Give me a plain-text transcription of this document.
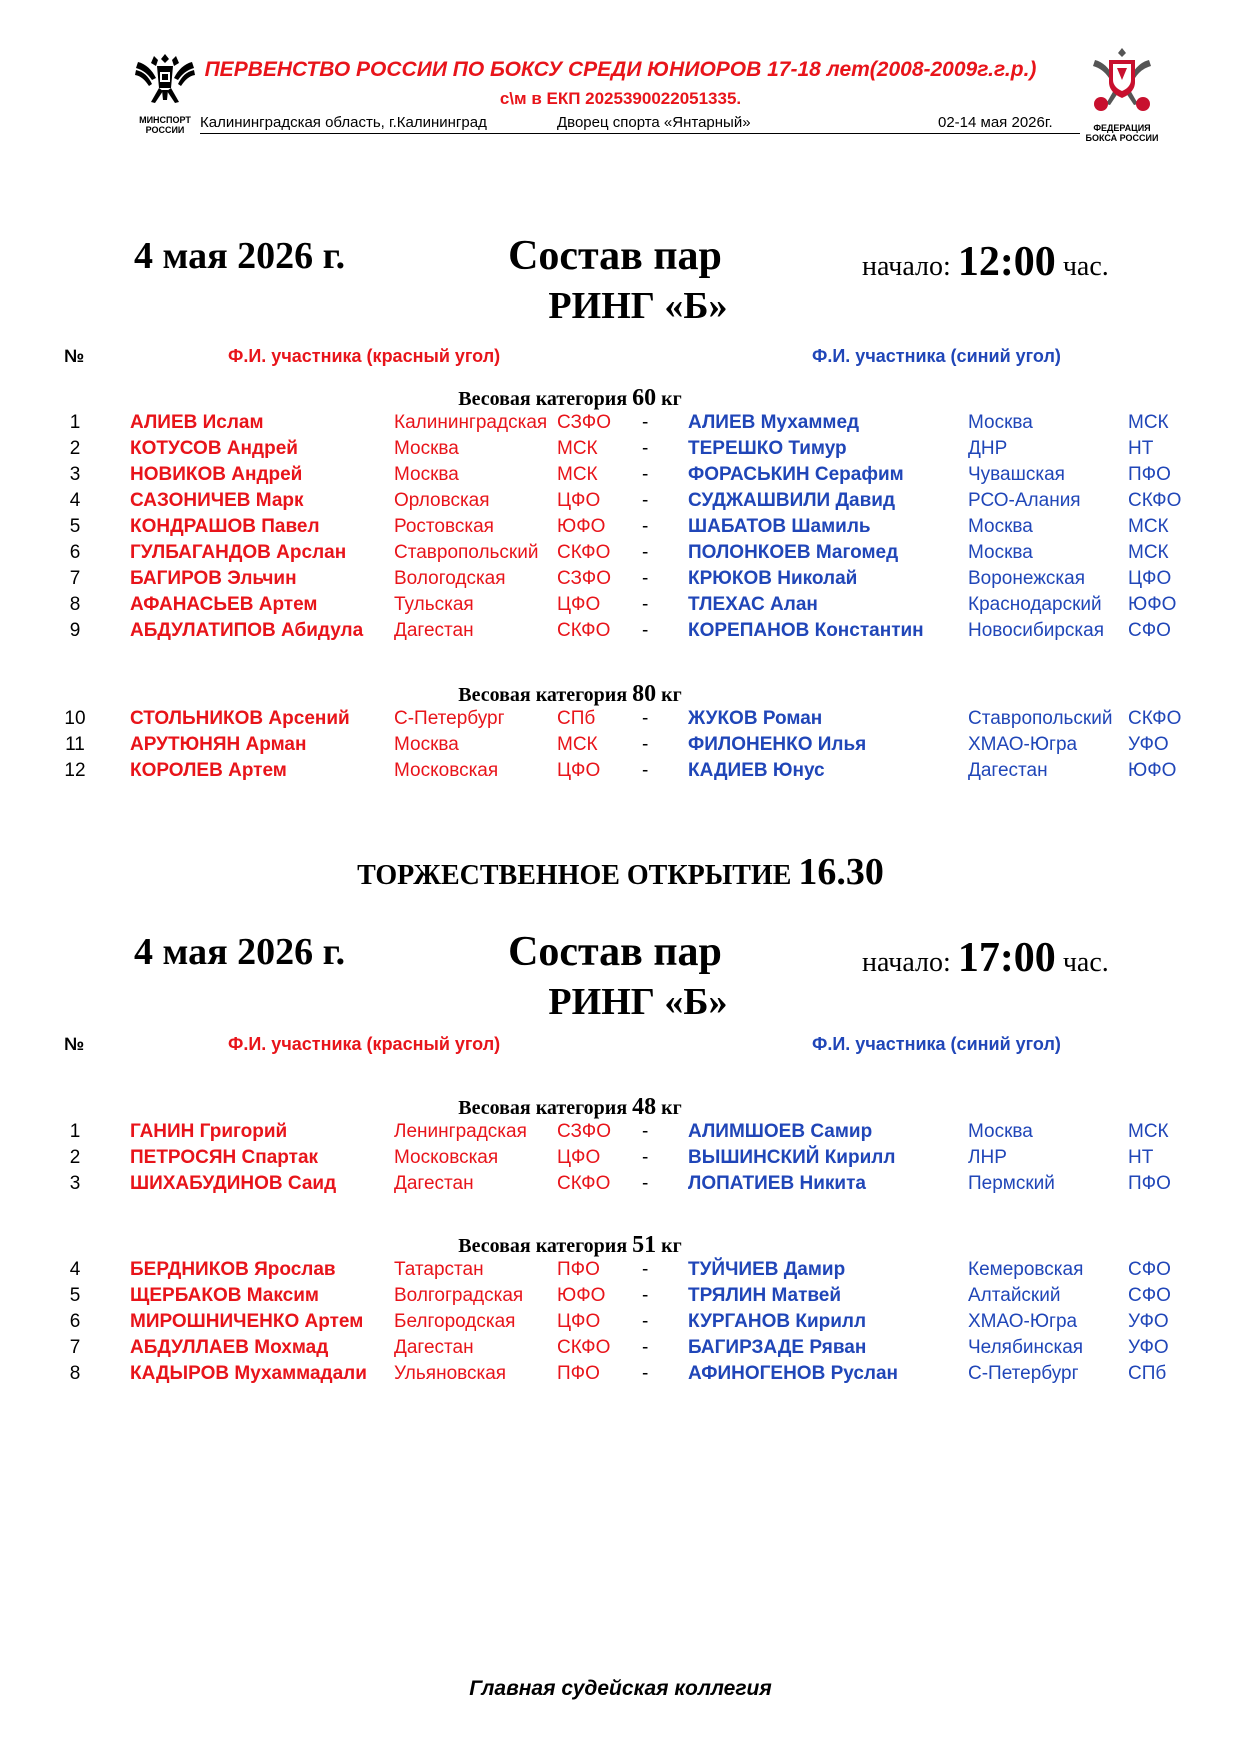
МИНСПОРТ
РОССИИ
ПЕРВЕНСТВО РОССИИ ПО БОКСУ СРЕДИ ЮНИОРОВ 17-18 лет(2008-2009г.г.р.)
с\м в ЕКП 2025390022051335.
Калининградская область, г.Калининград	Дворец спорта «Янтарный»	02-14 мая 2026г.	ФЕДЕРАЦИЯ
БОКСА РОССИИ
4 мая 2026 г.	Состав пар	начало: 12:00 час.
РИНГ «Б»
№	Ф.И. участника (красный угол)	Ф.И. участника (синий угол)
Весовая категория 60 кг
1	АЛИЕВ Ислам	Калининградская СЗФО - АЛИЕВ Мухаммед	Москва	МСК
2	КОТУСОВ Андрей	Москва	МСК - ТЕРЕШКО Тимур	ДНР	НТ
3	НОВИКОВ Андрей	Москва	МСК - ФОРАСЬКИН Серафим	Чувашская	ПФО
4	САЗОНИЧЕВ Марк	Орловская	ЦФО - СУДЖАШВИЛИ Давид	РСО-Алания СКФО
5	КОНДРАШОВ Павел	Ростовская	ЮФО - ШАБАТОВ Шамиль	Москва	МСК
6	ГУЛБАГАНДОВ Арслан	Ставропольский СКФО - ПОЛОНКОЕВ Магомед	Москва	МСК
7	БАГИРОВ Эльчин	Вологодская	СЗФО - КРЮКОВ Николай	Воронежская ЦФО
8	АФАНАСЬЕВ Артем	Тульская	ЦФО - ТЛЕХАС Алан	Краснодарский ЮФО
9	АБДУЛАТИПОВ Абидула Дагестан	СКФО - КОРЕПАНОВ Константин Новосибирская СФО
Весовая категория 80 кг
10 СТОЛЬНИКОВ Арсений С-Петербург	СПб - ЖУКОВ Роман	Ставропольский СКФО
11 АРУТЮНЯН Арман	Москва	МСК - ФИЛОНЕНКО Илья	ХМАО-Югра	УФО
12 КОРОЛЕВ Артем	Московская	ЦФО - КАДИЕВ Юнус	Дагестан	ЮФО
ТОРЖЕСТВЕННОЕ ОТКРЫТИЕ 16.30
4 мая 2026 г.	Состав пар	начало: 17:00 час.
РИНГ «Б»
№	Ф.И. участника (красный угол)	Ф.И. участника (синий угол)
Весовая категория 48 кг
1	ГАНИН Григорий	Ленинградская СЗФО - АЛИМШОЕВ Самир	Москва	МСК
2	ПЕТРОСЯН Спартак	Московская	ЦФО - ВЫШИНСКИЙ Кирилл	ЛНР	НТ
3	ШИХАБУДИНОВ Саид	Дагестан	СКФО - ЛОПАТИЕВ Никита	Пермский	ПФО
Весовая категория 51 кг
4	БЕРДНИКОВ Ярослав	Татарстан	ПФО - ТУЙЧИЕВ Дамир	Кемеровская СФО
5	ЩЕРБАКОВ Максим	Волгоградская ЮФО - ТРЯЛИН Матвей	Алтайский	СФО
6	МИРОШНИЧЕНКО Артем Белгородская ЦФО - КУРГАНОВ Кирилл	ХМАО-Югра	УФО
7	АБДУЛЛАЕВ Мохмад	Дагестан	СКФО - БАГИРЗАДЕ Ряван	Челябинская УФО
8	КАДЫРОВ Мухаммадали Ульяновская	ПФО - АФИНОГЕНОВ Руслан	С-Петербург	СПб
Главная судейская коллегия
